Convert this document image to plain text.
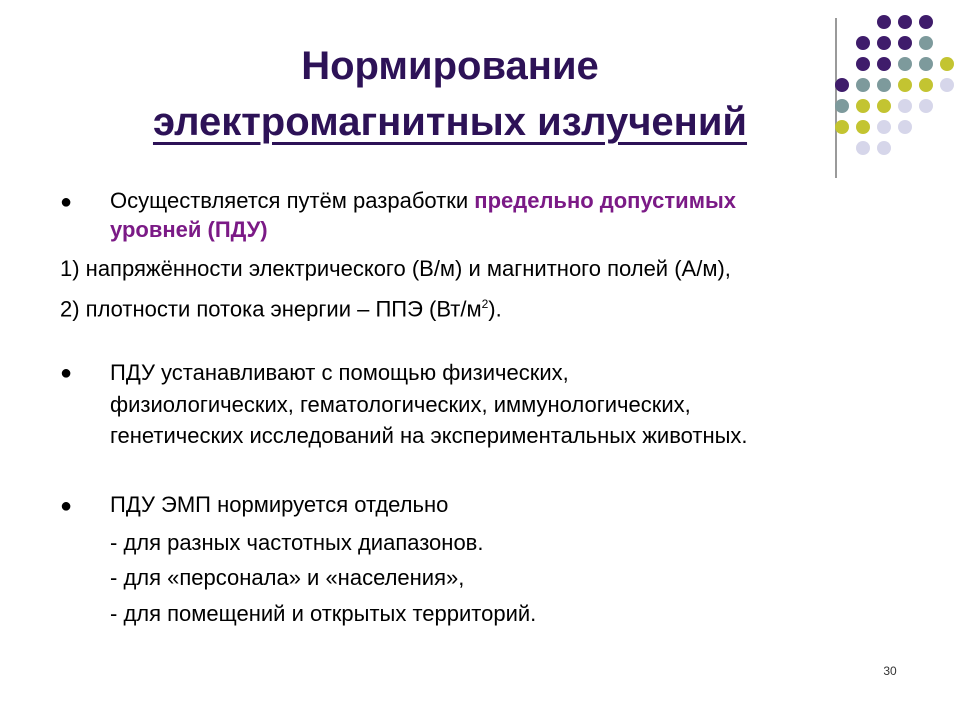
Нормирование
электромагнитных излучений
● Осуществляется путём разработки предельно допустимых
уровней (ПДУ)
1) напряжённости электрического (В/м) и магнитного полей (А/м),
2) плотности потока энергии – ППЭ $(Вт/м^2)$.
● ПДУ устанавливают с помощью физических,
физиологических, гематологических, иммунологических,
генетических исследований на экспериментальных животных.
● ПДУ ЭМП нормируется отдельно
- для разных частотных диапазонов.
- для «персонала» и «населения»,
- для помещений и открытых территорий.
30
